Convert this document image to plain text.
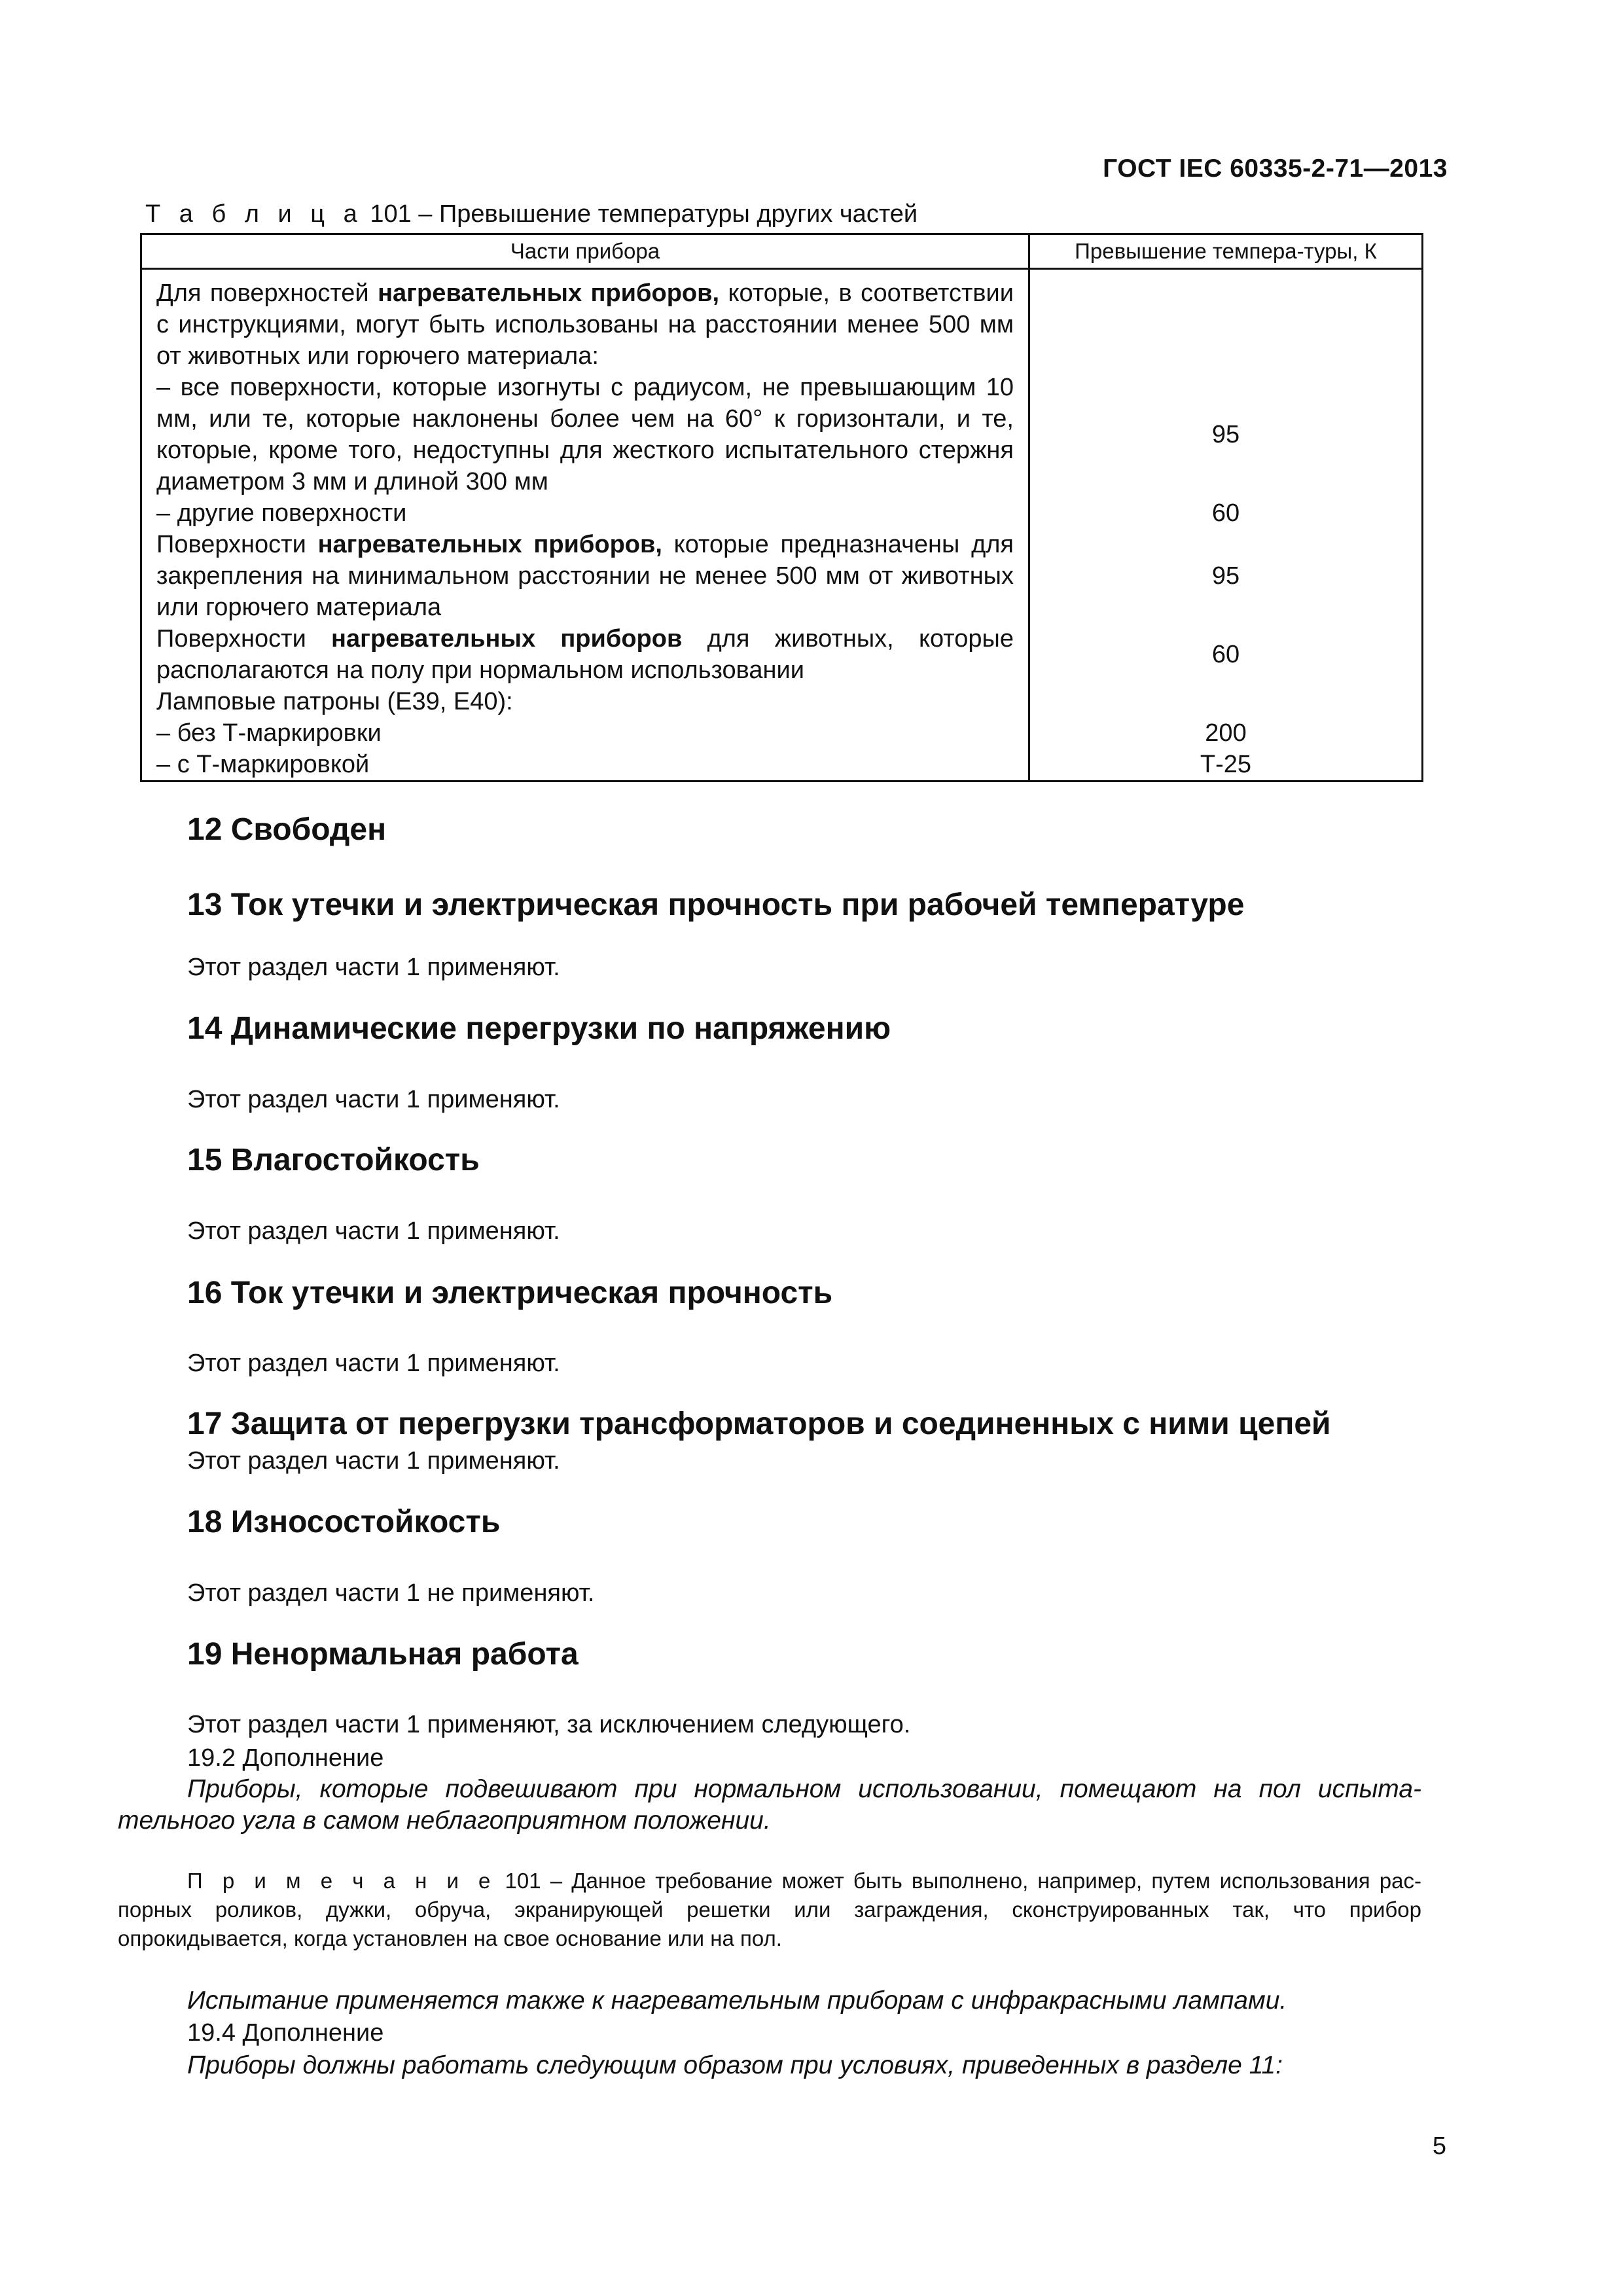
ГОСТ IEC 60335-2-71—2013
Т а б л и ц а 101 – Превышение температуры других частей
Части прибора	Превышение темпера-туры, К
Для поверхностей нагревательных приборов, которые, в соответствии с инструкциями, могут быть использованы на расстоянии менее 500 мм от животных или горючего материала:
– все поверхности, которые изогнуты с радиусом, не превышающим 10 мм, или те, которые наклонены более чем на 60° к горизонтали, и те, которые, кроме того, недоступны для жесткого испытательного стержня диаметром 3 мм и длиной 300 мм	95
– другие поверхности	60
Поверхности нагревательных приборов, которые предназначены для закрепления на минимальном расстоянии не менее 500 мм от животных или горючего материала	95
Поверхности нагревательных приборов для животных, которые располагаются на полу при нормальном использовании	60
Ламповые патроны (Е39, Е40):	
– без Т-маркировки	200
– с Т-маркировкой	Т-25
12 Свободен
13 Ток утечки и электрическая прочность при рабочей температуре
Этот раздел части 1 применяют.
14 Динамические перегрузки по напряжению
Этот раздел части 1 применяют.
15 Влагостойкость
Этот раздел части 1 применяют.
16 Ток утечки и электрическая прочность
Этот раздел части 1 применяют.
17 Защита от перегрузки трансформаторов и соединенных с ними цепей
Этот раздел части 1 применяют.
18 Износостойкость
Этот раздел части 1 не применяют.
19 Ненормальная работа
Этот раздел части 1 применяют, за исключением следующего.
19.2 Дополнение
Приборы, которые подвешивают при нормальном использовании, помещают на пол испыта-
тельного угла в самом неблагоприятном положении.
П р и м е ч а н и е 101 – Данное требование может быть выполнено, например, путем использования рас-
порных роликов, дужки, обруча, экранирующей решетки или заграждения, сконструированных так, что прибор
опрокидывается, когда установлен на свое основание или на пол.
Испытание применяется также к нагревательным приборам с инфракрасными лампами.
19.4 Дополнение
Приборы должны работать следующим образом при условиях, приведенных в разделе 11:
5
